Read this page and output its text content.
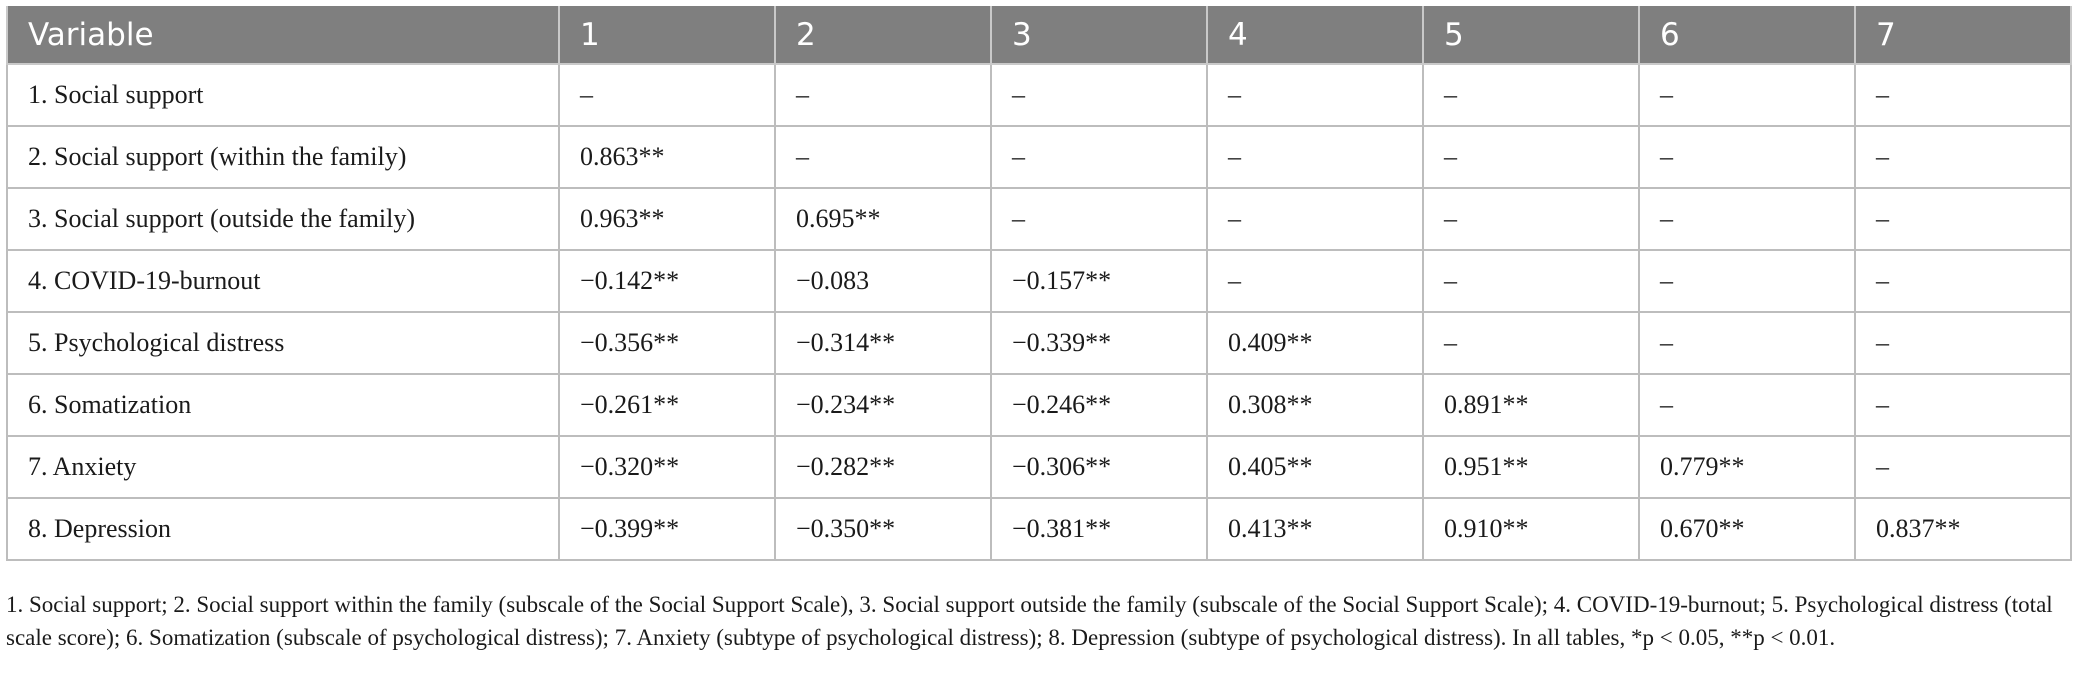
Variable	1	2	3	4	5	6	7
1. Social support	–	–	–	–	–	–	–
2. Social support (within the family)	0.863**	–	–	–	–	–	–
3. Social support (outside the family)	0.963**	0.695**	–	–	–	–	–
4. COVID-19-burnout	−0.142**	−0.083	−0.157**	–	–	–	–
5. Psychological distress	−0.356**	−0.314**	−0.339**	0.409**	–	–	–
6. Somatization	−0.261**	−0.234**	−0.246**	0.308**	0.891**	–	–
7. Anxiety	−0.320**	−0.282**	−0.306**	0.405**	0.951**	0.779**	–
8. Depression	−0.399**	−0.350**	−0.381**	0.413**	0.910**	0.670**	0.837**
1. Social support; 2. Social support within the family (subscale of the Social Support Scale), 3. Social support outside the family (subscale of the Social Support Scale); 4. COVID-19-burnout; 5. Psychological distress (total scale score); 6. Somatization (subscale of psychological distress); 7. Anxiety (subtype of psychological distress); 8. Depression (subtype of psychological distress). In all tables, *p < 0.05, **p < 0.01.
